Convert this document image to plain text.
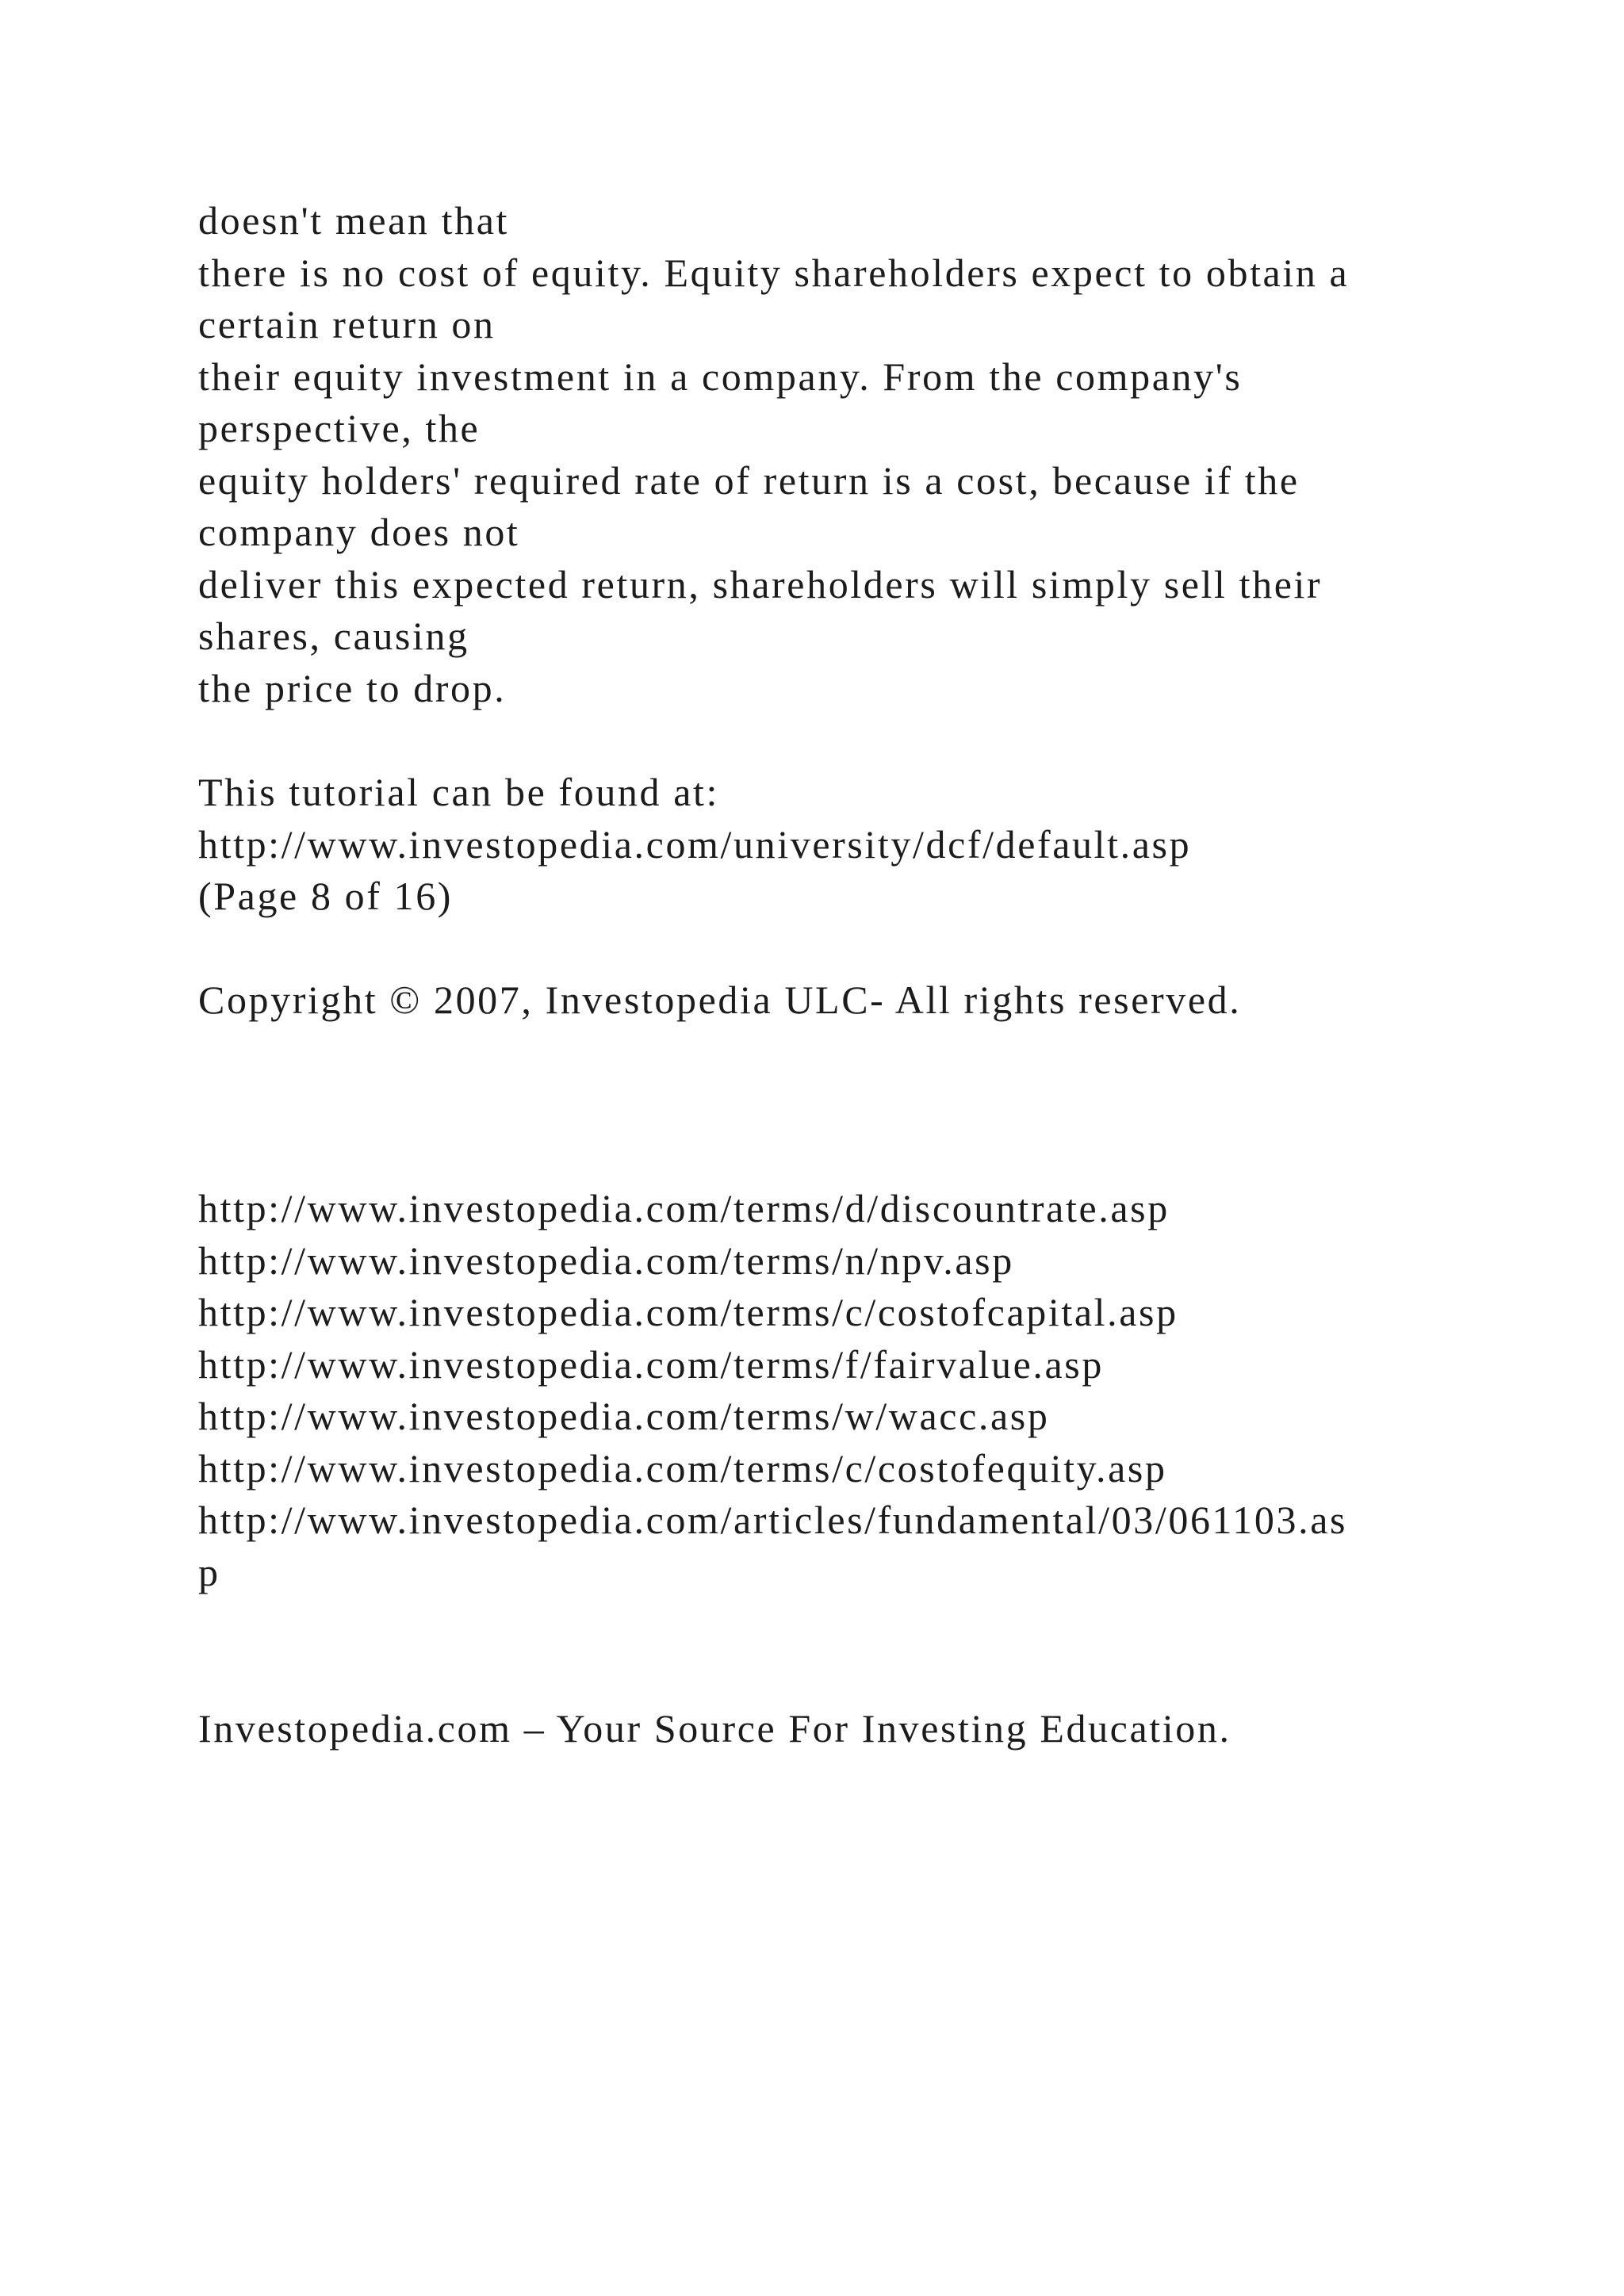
doesn't mean that
there is no cost of equity. Equity shareholders expect to obtain a
certain return on
their equity investment in a company. From the company's
perspective, the
equity holders' required rate of return is a cost, because if the
company does not
deliver this expected return, shareholders will simply sell their
shares, causing
the price to drop.
This tutorial can be found at:
http://www.investopedia.com/university/dcf/default.asp
(Page 8 of 16)
Copyright © 2007, Investopedia ULC- All rights reserved.
http://www.investopedia.com/terms/d/discountrate.asp
http://www.investopedia.com/terms/n/npv.asp
http://www.investopedia.com/terms/c/costofcapital.asp
http://www.investopedia.com/terms/f/fairvalue.asp
http://www.investopedia.com/terms/w/wacc.asp
http://www.investopedia.com/terms/c/costofequity.asp
http://www.investopedia.com/articles/fundamental/03/061103.as
p
Investopedia.com – Your Source For Investing Education.
